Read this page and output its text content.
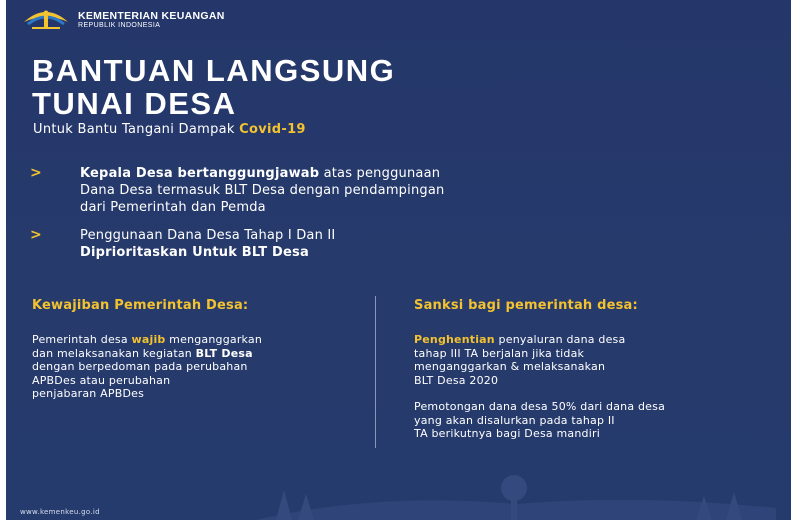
KEMENTERIAN KEUANGAN
REPUBLIK INDONESIA
BANTUAN LANGSUNG
TUNAI DESA
Untuk Bantu Tangani Dampak Covid-19
>	Kepala Desa bertanggungjawab atas penggunaan
Dana Desa termasuk BLT Desa dengan pendampingan
dari Pemerintah dan Pemda
>	Penggunaan Dana Desa Tahap I Dan II
Diprioritaskan Untuk BLT Desa
Kewajiban Pemerintah Desa:
Pemerintah desa wajib menganggarkan
dan melaksanakan kegiatan BLT Desa
dengan berpedoman pada perubahan
APBDes atau perubahan
penjabaran APBDes
Sanksi bagi pemerintah desa:
Penghentian penyaluran dana desa
tahap III TA berjalan jika tidak
menganggarkan & melaksanakan
BLT Desa 2020

Pemotongan dana desa 50% dari dana desa
yang akan disalurkan pada tahap II
TA berikutnya bagi Desa mandiri
www.kemenkeu.go.id
